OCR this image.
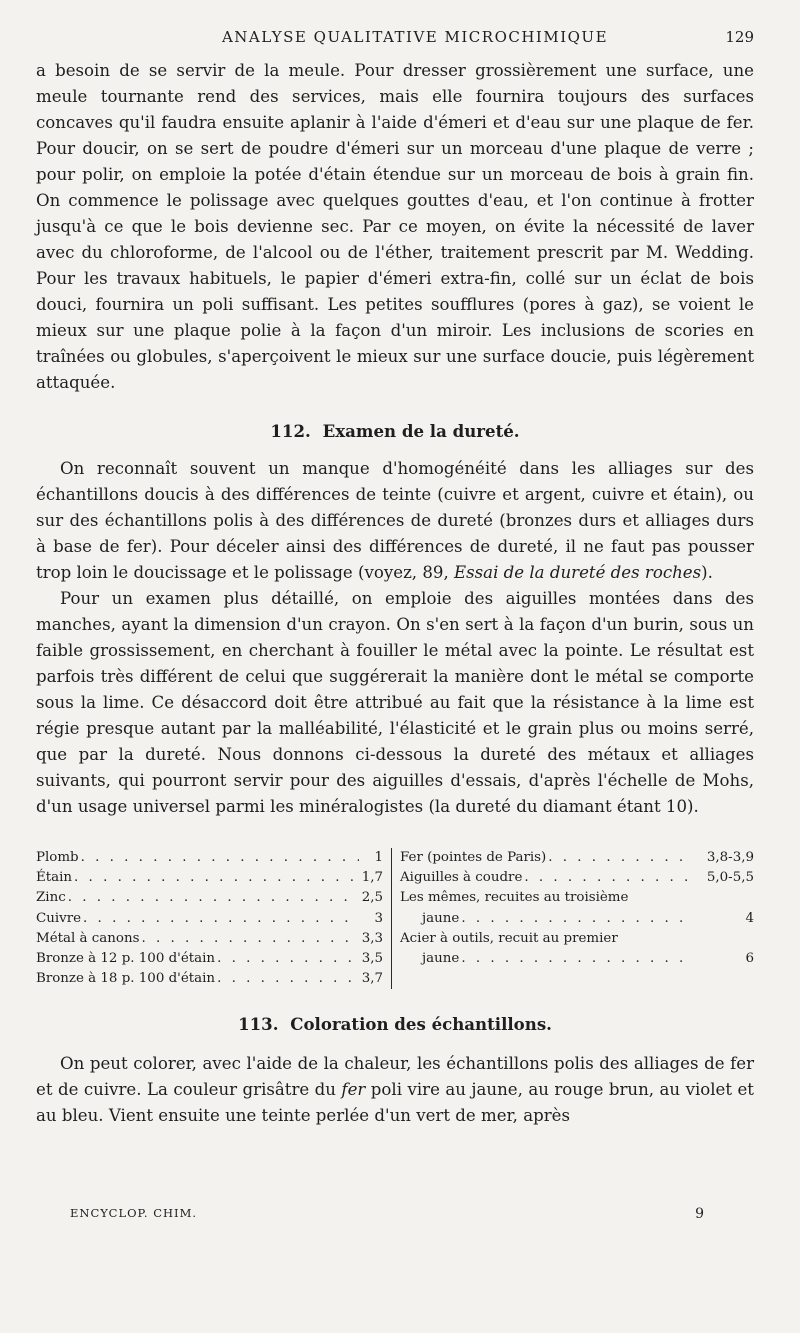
ANALYSE QUALITATIVE MICROCHIMIQUE	129

a besoin de se servir de la meule. Pour dresser grossièrement une surface, une meule tournante rend des services, mais elle fournira toujours des surfaces concaves qu'il faudra ensuite aplanir à l'aide d'émeri et d'eau sur une plaque de fer. Pour doucir, on se sert de poudre d'émeri sur un morceau d'une plaque de verre ; pour polir, on emploie la potée d'étain étendue sur un morceau de bois à grain fin. On commence le polissage avec quelques gouttes d'eau, et l'on continue à frotter jusqu'à ce que le bois devienne sec. Par ce moyen, on évite la nécessité de laver avec du chloroforme, de l'alcool ou de l'éther, traitement prescrit par M. Wedding. Pour les travaux habituels, le papier d'émeri extra-fin, collé sur un éclat de bois douci, fournira un poli suffisant. Les petites soufflures (pores à gaz), se voient le mieux sur une plaque polie à la façon d'un miroir. Les inclusions de scories en traînées ou globules, s'aperçoivent le mieux sur une surface doucie, puis légèrement attaquée.

112. Examen de la dureté.

On reconnaît souvent un manque d'homogénéité dans les alliages sur des échantillons doucis à des différences de teinte (cuivre et argent, cuivre et étain), ou sur des échantillons polis à des différences de dureté (bronzes durs et alliages durs à base de fer). Pour déceler ainsi des différences de dureté, il ne faut pas pousser trop loin le doucissage et le polissage (voyez, 89, Essai de la dureté des roches).

Pour un examen plus détaillé, on emploie des aiguilles montées dans des manches, ayant la dimension d'un crayon. On s'en sert à la façon d'un burin, sous un faible grossissement, en cherchant à fouiller le métal avec la pointe. Le résultat est parfois très différent de celui que suggérerait la manière dont le métal se comporte sous la lime. Ce désaccord doit être attribué au fait que la résistance à la lime est régie presque autant par la malléabilité, l'élasticité et le grain plus ou moins serré, que par la dureté. Nous donnons ci-dessous la dureté des métaux et alliages suivants, qui pourront servir pour des aiguilles d'essais, d'après l'échelle de Mohs, d'un usage universel parmi les minéralogistes (la dureté du diamant étant 10).

Plomb . . .	1
Étain . . .	1,7
Zinc . . .	2,5
Cuivre . . .	3
Métal à canons . . .	3,3
Bronze à 12 p. 100 d'étain . . .	3,5
Bronze à 18 p. 100 d'étain . . .	3,7
Fer (pointes de Paris) . . .	3,8-3,9
Aiguilles à coudre . . .	5,0-5,5
Les mêmes, recuites au troisième
jaune . . .	4
Acier à outils, recuit au premier
jaune . . .	6
113. Coloration des échantillons.

On peut colorer, avec l'aide de la chaleur, les échantillons polis des alliages de fer et de cuivre. La couleur grisâtre du fer poli vire au jaune, au rouge brun, au violet et au bleu. Vient ensuite une teinte perlée d'un vert de mer, après

ENCYCLOP. CHIM.	9
